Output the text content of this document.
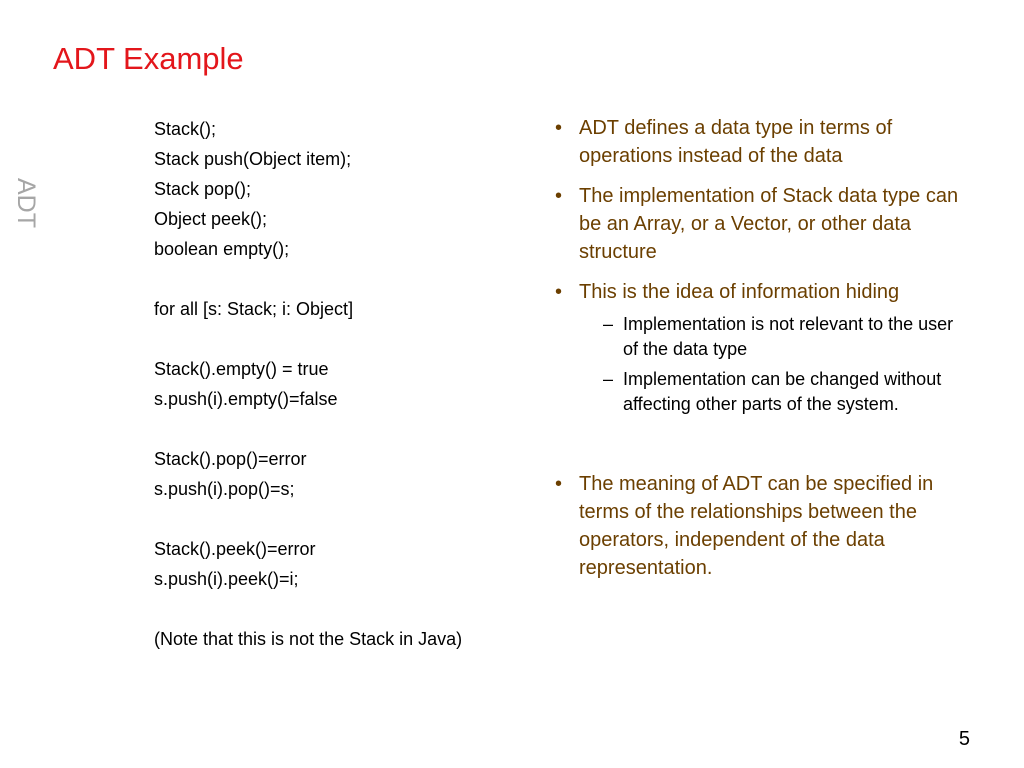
ADT Example
ADT
Stack();
Stack push(Object item);
Stack pop();
Object peek();
boolean empty();
for all [s: Stack; i: Object]
Stack().empty() = true
s.push(i).empty()=false
Stack().pop()=error
s.push(i).pop()=s;
Stack().peek()=error
s.push(i).peek()=i;
(Note that this is not the Stack in Java)
• ADT defines a data type in terms of operations instead of the data
• The implementation of Stack data type can be an Array, or a Vector, or other data structure
• This is the idea of information hiding
– Implementation is not relevant to the user of the data type
– Implementation can be changed without affecting other parts of the system.
• The meaning of ADT can be specified in terms of the relationships between the operators, independent of the data representation.
5
